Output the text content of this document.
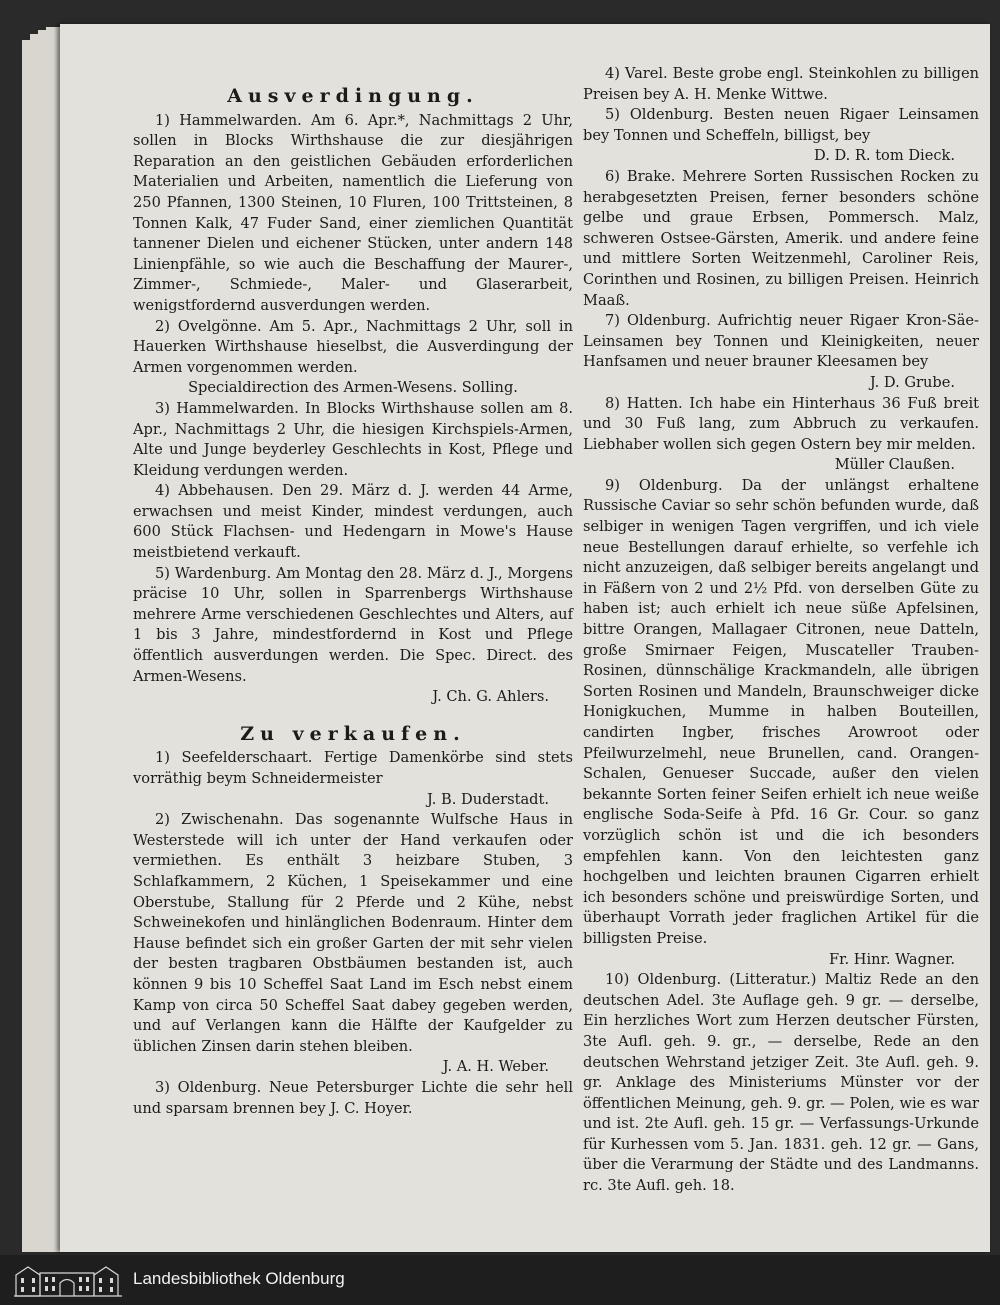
Ausverdingung.

1) Hammelwarden. Am 6. Apr.*, Nachmittags 2 Uhr, sollen in Blocks Wirthshause die zur diesjährigen Reparation an den geistlichen Gebäuden erforderlichen Materialien und Arbeiten, namentlich die Lieferung von 250 Pfannen, 1300 Steinen, 10 Fluren, 100 Trittsteinen, 8 Tonnen Kalk, 47 Fuder Sand, einer ziemlichen Quantität tannener Dielen und eichener Stücken, unter andern 148 Linienpfähle, so wie auch die Beschaffung der Maurer-, Zimmer-, Schmiede-, Maler- und Glaserarbeit, wenigstfordernd ausverdungen werden.

2) Ovelgönne. Am 5. Apr., Nachmittags 2 Uhr, soll in Hauerken Wirthshause hieselbst, die Ausverdingung der Armen vorgenommen werden.

Specialdirection des Armen-Wesens. Solling.

3) Hammelwarden. In Blocks Wirthshause sollen am 8. Apr., Nachmittags 2 Uhr, die hiesigen Kirchspiels-Armen, Alte und Junge beyderley Geschlechts in Kost, Pflege und Kleidung verdungen werden.

4) Abbehausen. Den 29. März d. J. werden 44 Arme, erwachsen und meist Kinder, mindest verdungen, auch 600 Stück Flachsen- und Hedengarn in Mowe's Hause meistbietend verkauft.

5) Wardenburg. Am Montag den 28. März d. J., Morgens präcise 10 Uhr, sollen in Sparrenbergs Wirthshause mehrere Arme verschiedenen Geschlechtes und Alters, auf 1 bis 3 Jahre, mindestfordernd in Kost und Pflege öffentlich ausverdungen werden. Die Spec. Direct. des Armen-Wesens.

J. Ch. G. Ahlers.

Zu verkaufen.

1) Seefelderschaart. Fertige Damenkörbe sind stets vorräthig beym Schneidermeister

J. B. Duderstadt.

2) Zwischenahn. Das sogenannte Wulfsche Haus in Westerstede will ich unter der Hand verkaufen oder vermiethen. Es enthält 3 heizbare Stuben, 3 Schlafkammern, 2 Küchen, 1 Speisekammer und eine Oberstube, Stallung für 2 Pferde und 2 Kühe, nebst Schweinekofen und hinlänglichen Bodenraum. Hinter dem Hause befindet sich ein großer Garten der mit sehr vielen der besten tragbaren Obstbäumen bestanden ist, auch können 9 bis 10 Scheffel Saat Land im Esch nebst einem Kamp von circa 50 Scheffel Saat dabey gegeben werden, und auf Verlangen kann die Hälfte der Kaufgelder zu üblichen Zinsen darin stehen bleiben.

J. A. H. Weber.

3) Oldenburg. Neue Petersburger Lichte die sehr hell und sparsam brennen bey J. C. Hoyer.

4) Varel. Beste grobe engl. Steinkohlen zu billigen Preisen bey A. H. Menke Wittwe.

5) Oldenburg. Besten neuen Rigaer Leinsamen bey Tonnen und Scheffeln, billigst, bey

D. D. R. tom Dieck.

6) Brake. Mehrere Sorten Russischen Rocken zu herabgesetzten Preisen, ferner besonders schöne gelbe und graue Erbsen, Pommersch. Malz, schweren Ostsee-Gärsten, Amerik. und andere feine und mittlere Sorten Weitzenmehl, Caroliner Reis, Corinthen und Rosinen, zu billigen Preisen. Heinrich Maaß.

7) Oldenburg. Aufrichtig neuer Rigaer Kron-Säe-Leinsamen bey Tonnen und Kleinigkeiten, neuer Hanfsamen und neuer brauner Kleesamen bey

J. D. Grube.

8) Hatten. Ich habe ein Hinterhaus 36 Fuß breit und 30 Fuß lang, zum Abbruch zu verkaufen. Liebhaber wollen sich gegen Ostern bey mir melden.

Müller Claußen.

9) Oldenburg. Da der unlängst erhaltene Russische Caviar so sehr schön befunden wurde, daß selbiger in wenigen Tagen vergriffen, und ich viele neue Bestellungen darauf erhielte, so verfehle ich nicht anzuzeigen, daß selbiger bereits angelangt und in Fäßern von 2 und 2½ Pfd. von derselben Güte zu haben ist; auch erhielt ich neue süße Apfelsinen, bittre Orangen, Mallagaer Citronen, neue Datteln, große Smirnaer Feigen, Muscateller Trauben-Rosinen, dünnschälige Krackmandeln, alle übrigen Sorten Rosinen und Mandeln, Braunschweiger dicke Honigkuchen, Mumme in halben Bouteillen, candirten Ingber, frisches Arowroot oder Pfeilwurzelmehl, neue Brunellen, cand. Orangen-Schalen, Genueser Succade, außer den vielen bekannte Sorten feiner Seifen erhielt ich neue weiße englische Soda-Seife à Pfd. 16 Gr. Cour. so ganz vorzüglich schön ist und die ich besonders empfehlen kann. Von den leichtesten ganz hochgelben und leichten braunen Cigarren erhielt ich besonders schöne und preiswürdige Sorten, und überhaupt Vorrath jeder fraglichen Artikel für die billigsten Preise.

Fr. Hinr. Wagner.

10) Oldenburg. (Litteratur.) Maltiz Rede an den deutschen Adel. 3te Auflage geh. 9 gr. — derselbe, Ein herzliches Wort zum Herzen deutscher Fürsten, 3te Aufl. geh. 9. gr., — derselbe, Rede an den deutschen Wehrstand jetziger Zeit. 3te Aufl. geh. 9. gr. Anklage des Ministeriums Münster vor der öffentlichen Meinung, geh. 9. gr. — Polen, wie es war und ist. 2te Aufl. geh. 15 gr. — Verfassungs-Urkunde für Kurhessen vom 5. Jan. 1831. geh. 12 gr. — Gans, über die Verarmung der Städte und des Landmanns. rc. 3te Aufl. geh. 18.

Landesbibliothek Oldenburg
